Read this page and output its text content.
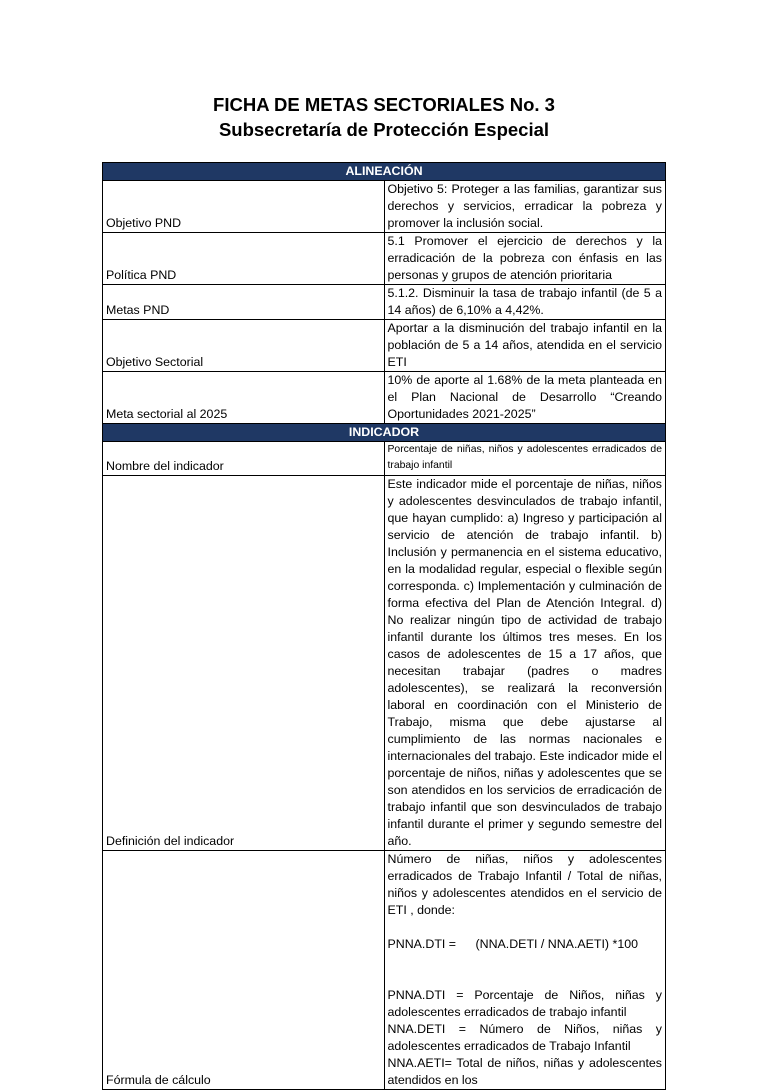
FICHA DE METAS SECTORIALES No. 3
Subsecretaría de Protección Especial
ALINEACIÓN	
Objetivo PND	Objetivo 5: Proteger a las familias, garantizar sus derechos y servicios, erradicar la pobreza y promover la inclusión social.
Política PND	5.1 Promover el ejercicio de derechos y la erradicación de la pobreza con énfasis en las personas y grupos de atención prioritaria
Metas PND	5.1.2. Disminuir la tasa de trabajo infantil (de 5 a 14 años) de 6,10% a 4,42%.
Objetivo Sectorial	Aportar a la disminución del trabajo infantil en la población de 5 a 14 años, atendida en el servicio ETI
Meta sectorial al 2025	10% de aporte al 1.68% de la meta planteada en el Plan Nacional de Desarrollo “Creando Oportunidades 2021-2025”
INDICADOR	
Nombre del indicador	Porcentaje de niñas, niños y adolescentes erradicados de trabajo infantil
Definición del indicador	Este indicador mide el porcentaje de niñas, niños y adolescentes desvinculados de trabajo infantil, que hayan cumplido: a) Ingreso y participación al servicio de atención de trabajo infantil. b) Inclusión y permanencia en el sistema educativo, en la modalidad regular, especial o flexible según corresponda. c) Implementación y culminación de forma efectiva del Plan de Atención Integral. d) No realizar ningún tipo de actividad de trabajo infantil durante los últimos tres meses. En los casos de adolescentes de 15 a 17 años, que necesitan trabajar (padres o madres adolescentes), se realizará la reconversión laboral en coordinación con el Ministerio de Trabajo, misma que debe ajustarse al cumplimiento de las normas nacionales e internacionales del trabajo. Este indicador mide el porcentaje de niños, niñas y adolescentes que se son atendidos en los servicios de erradicación de trabajo infantil que son desvinculados de trabajo infantil durante el primer y segundo semestre del año.
Fórmula de cálculo	Número de niñas, niños y adolescentes erradicados de Trabajo Infantil / Total de niñas, niños y adolescentes atendidos en el servicio de ETI , donde:
PNNA.DTI = (NNA.DETI / NNA.AETI) *100
PNNA.DTI = Porcentaje de Niños, niñas y adolescentes erradicados de trabajo infantil
NNA.DETI = Número de Niños, niñas y adolescentes erradicados de Trabajo Infantil
NNA.AETI= Total de niños, niñas y adolescentes atendidos en los
